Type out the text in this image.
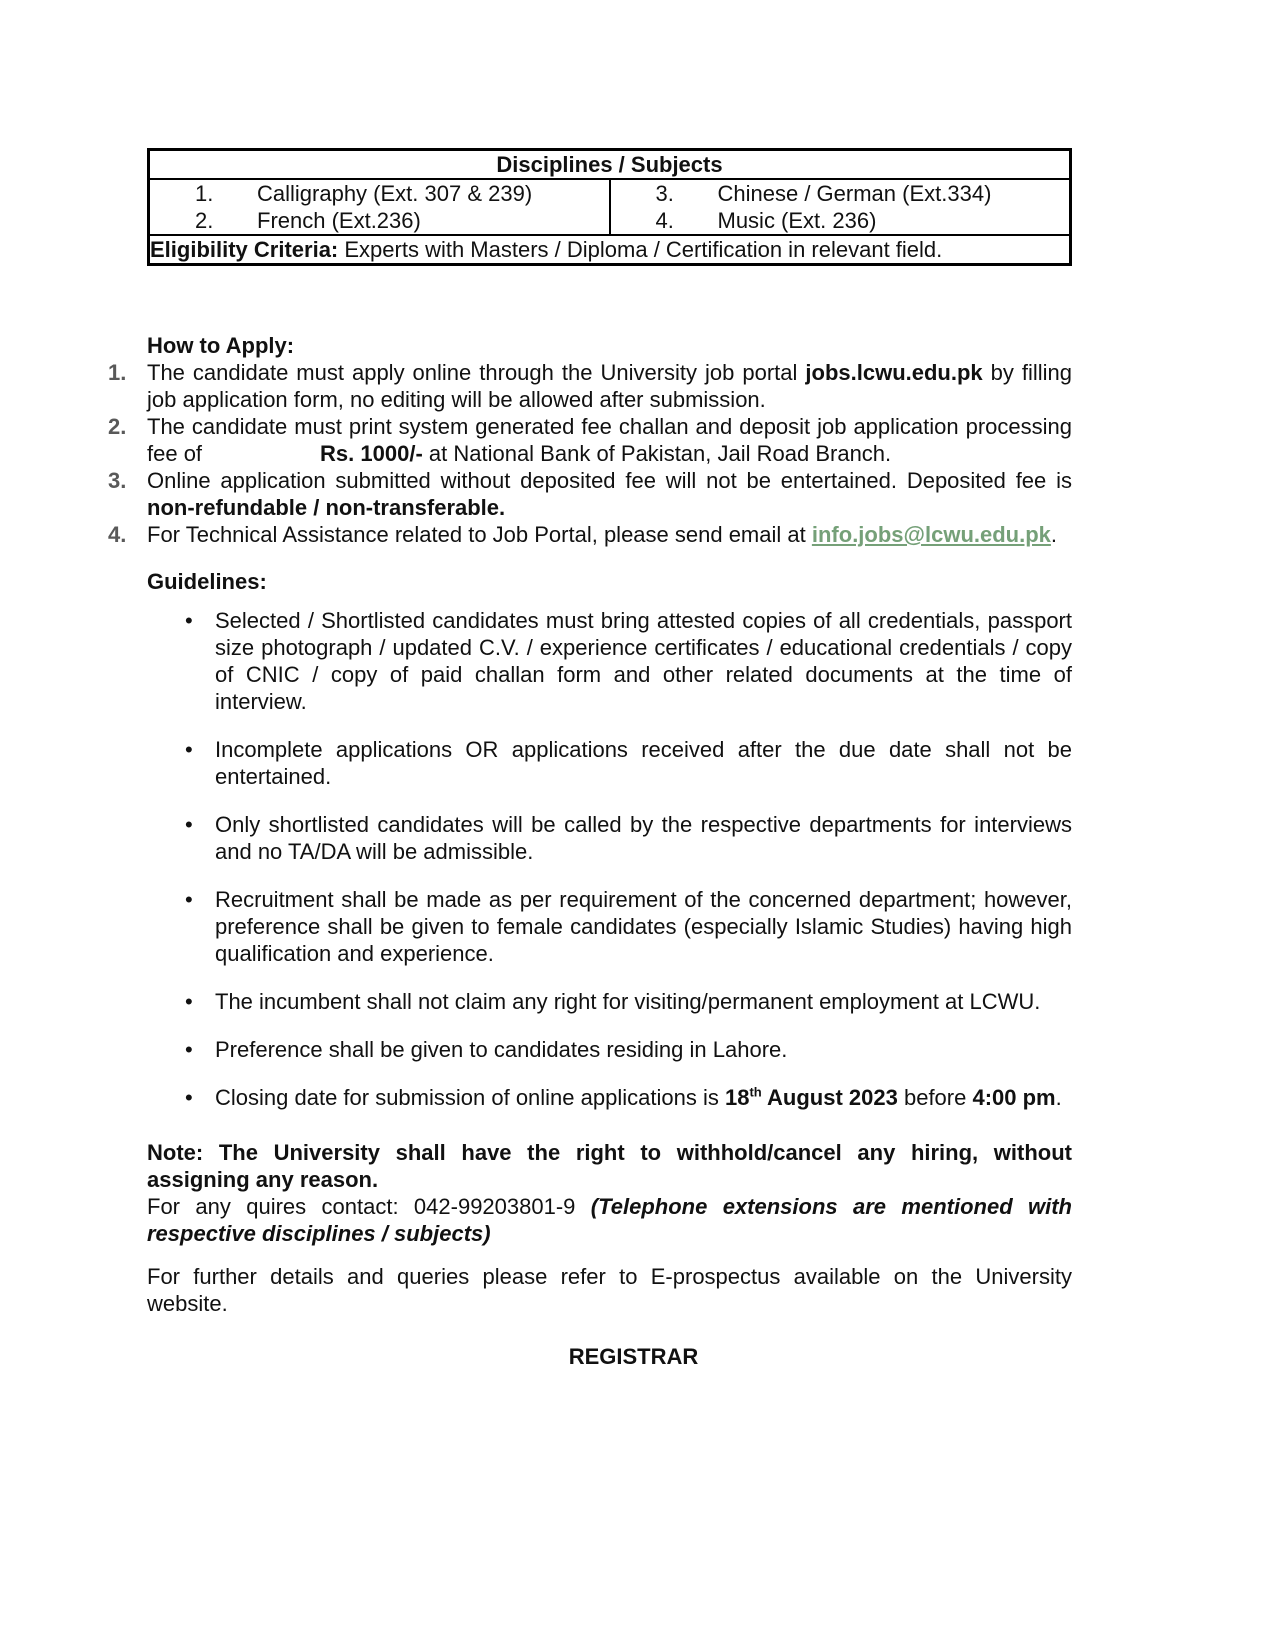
Disciplines / Subjects

1.	Calligraphy (Ext. 307 & 239)
2.	French (Ext.236)

3.	Chinese / German (Ext.334)
4.	Music (Ext. 236)

Eligibility Criteria: Experts with Masters / Diploma / Certification in relevant field.
How to Apply:
1. The candidate must apply online through the University job portal jobs.lcwu.edu.pk by filling job application form, no editing will be allowed after submission.
2. The candidate must print system generated fee challan and deposit job application processing fee of	Rs. 1000/- at National Bank of Pakistan, Jail Road Branch.
3. Online application submitted without deposited fee will not be entertained. Deposited fee is non-refundable / non-transferable.
4. For Technical Assistance related to Job Portal, please send email at info.jobs@lcwu.edu.pk.
Guidelines:
•	Selected / Shortlisted candidates must bring attested copies of all credentials, passport size photograph / updated C.V. / experience certificates / educational credentials / copy of CNIC / copy of paid challan form and other related documents at the time of interview.
•	Incomplete applications OR applications received after the due date shall not be entertained.
•	Only shortlisted candidates will be called by the respective departments for interviews and no TA/DA will be admissible.
•	Recruitment shall be made as per requirement of the concerned department; however, preference shall be given to female candidates (especially Islamic Studies) having high qualification and experience.
•	The incumbent shall not claim any right for visiting/permanent employment at LCWU.
•	Preference shall be given to candidates residing in Lahore.
•	Closing date for submission of online applications is 18th August 2023 before 4:00 pm.
Note: The University shall have the right to withhold/cancel any hiring, without assigning any reason.
For any quires contact: 042-99203801-9 (Telephone extensions are mentioned with respective disciplines / subjects)
For further details and queries please refer to E-prospectus available on the University website.
REGISTRAR
